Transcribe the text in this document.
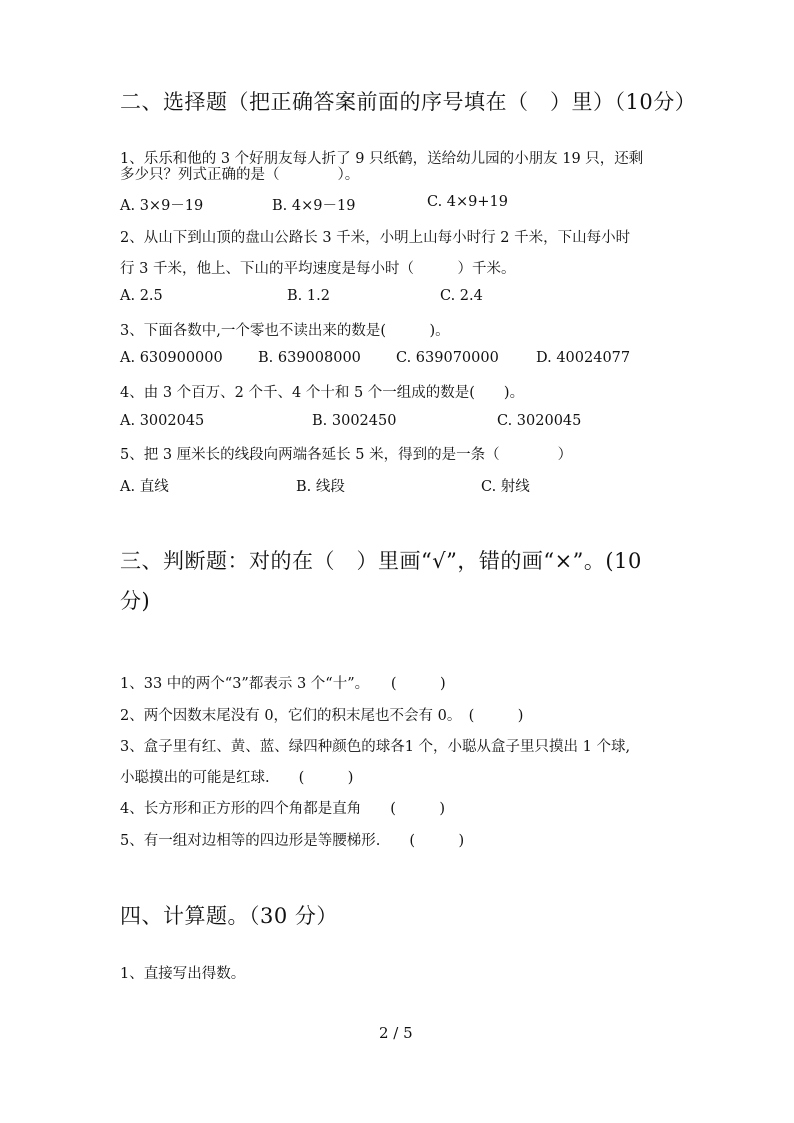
二、选择题（把正确答案前面的序号填在（　）里）（10分）
1、乐乐和他的 3 个好朋友每人折了 9 只纸鹤，送给幼儿园的小朋友 19 只，还剩
多少只？列式正确的是（　　　　）。
A. 3×9－19	B. 4×9－19	C. 4×9+19
2、从山下到山顶的盘山公路长 3 千米，小明上山每小时行 2 千米，下山每小时
行 3 千米，他上、下山的平均速度是每小时（　　　）千米。
A. 2.5	B. 1.2	C. 2.4
3、下面各数中,一个零也不读出来的数是(　　　)。
A. 630900000 B. 639008000 C. 639070000	D. 40024077
4、由 3 个百万、2 个千、4 个十和 5 个一组成的数是(　　)。
A. 3002045	B. 3002450	C. 3020045
5、把 3 厘米长的线段向两端各延长 5 米，得到的是一条（　　　　）
A. 直线	B. 线段	C. 射线
三、判断题：对的在（　）里画“√”，错的画“×”。(10
分)
1、33 中的两个“3”都表示 3 个“十”。　　(　　　)
2、两个因数末尾没有 0，它们的积末尾也不会有 0。　(　　　)
3、盒子里有红、黄、蓝、绿四种颜色的球各1 个，小聪从盒子里只摸出 1 个球,
小聪摸出的可能是红球.　　(　　　)
4、长方形和正方形的四个角都是直角　　(　　　)
5、有一组对边相等的四边形是等腰梯形.　　(　　　)
四、计算题。（30 分）
1、直接写出得数。
2 / 5
